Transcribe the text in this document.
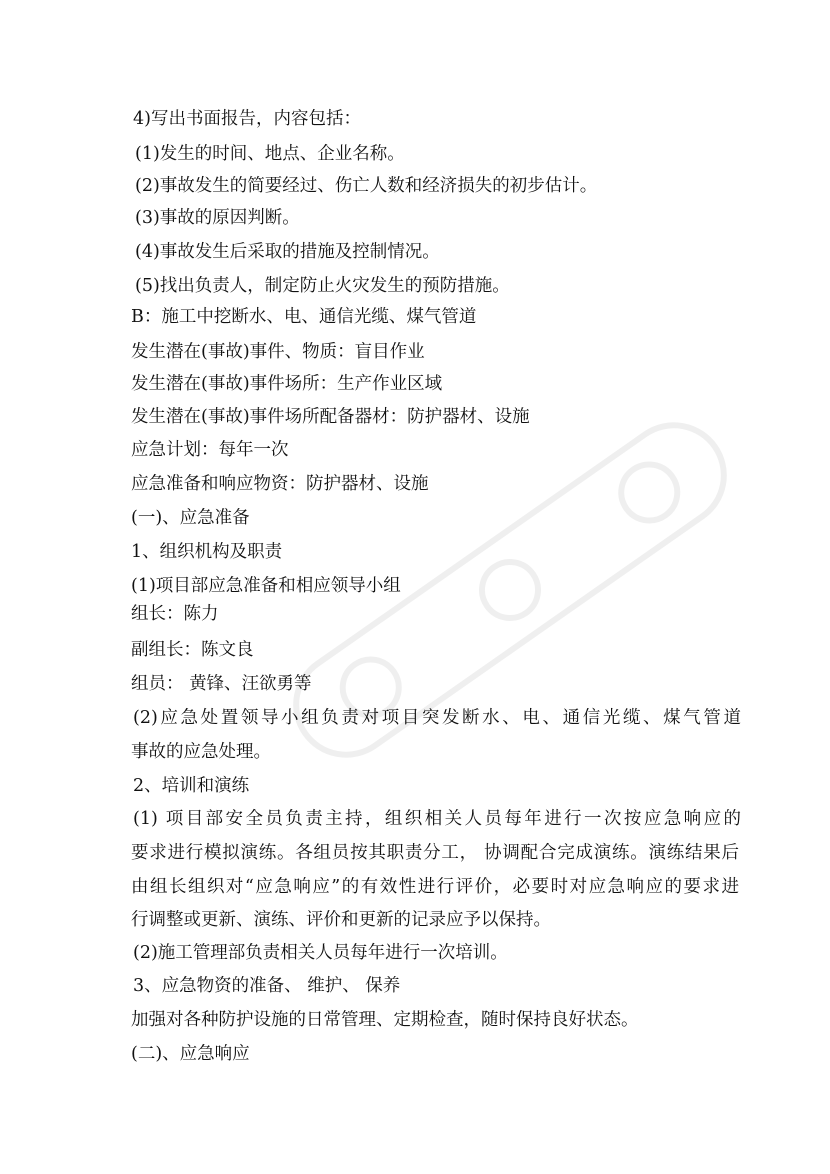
4)写出书面报告，内容包括：
(1)发生的时间、地点、企业名称。
(2)事故发生的简要经过、伤亡人数和经济损失的初步估计。
(3)事故的原因判断。
(4)事故发生后采取的措施及控制情况。
(5)找出负责人，制定防止火灾发生的预防措施。
B：施工中挖断水、电、通信光缆、煤气管道
发生潜在(事故)事件、物质：盲目作业
发生潜在(事故)事件场所：生产作业区域
发生潜在(事故)事件场所配备器材：防护器材、设施
应急计划：每年一次
应急准备和响应物资：防护器材、设施
(一)、应急准备
1、组织机构及职责
(1)项目部应急准备和相应领导小组
组长：陈力
副组长：陈文良
组员： 黄锋、汪欲勇等
(2)应急处置领导小组负责对项目突发断水、电、通信光缆、煤气管道
事故的应急处理。
2、培训和演练
(1) 项目部安全员负责主持，组织相关人员每年进行一次按应急响应的
要求进行模拟演练。各组员按其职责分工， 协调配合完成演练。演练结果后
由组长组织对“应急响应”的有效性进行评价，必要时对应急响应的要求进
行调整或更新、演练、评价和更新的记录应予以保持。
(2)施工管理部负责相关人员每年进行一次培训。
3、应急物资的准备、 维护、 保养
加强对各种防护设施的日常管理、定期检查，随时保持良好状态。
(二)、应急响应
